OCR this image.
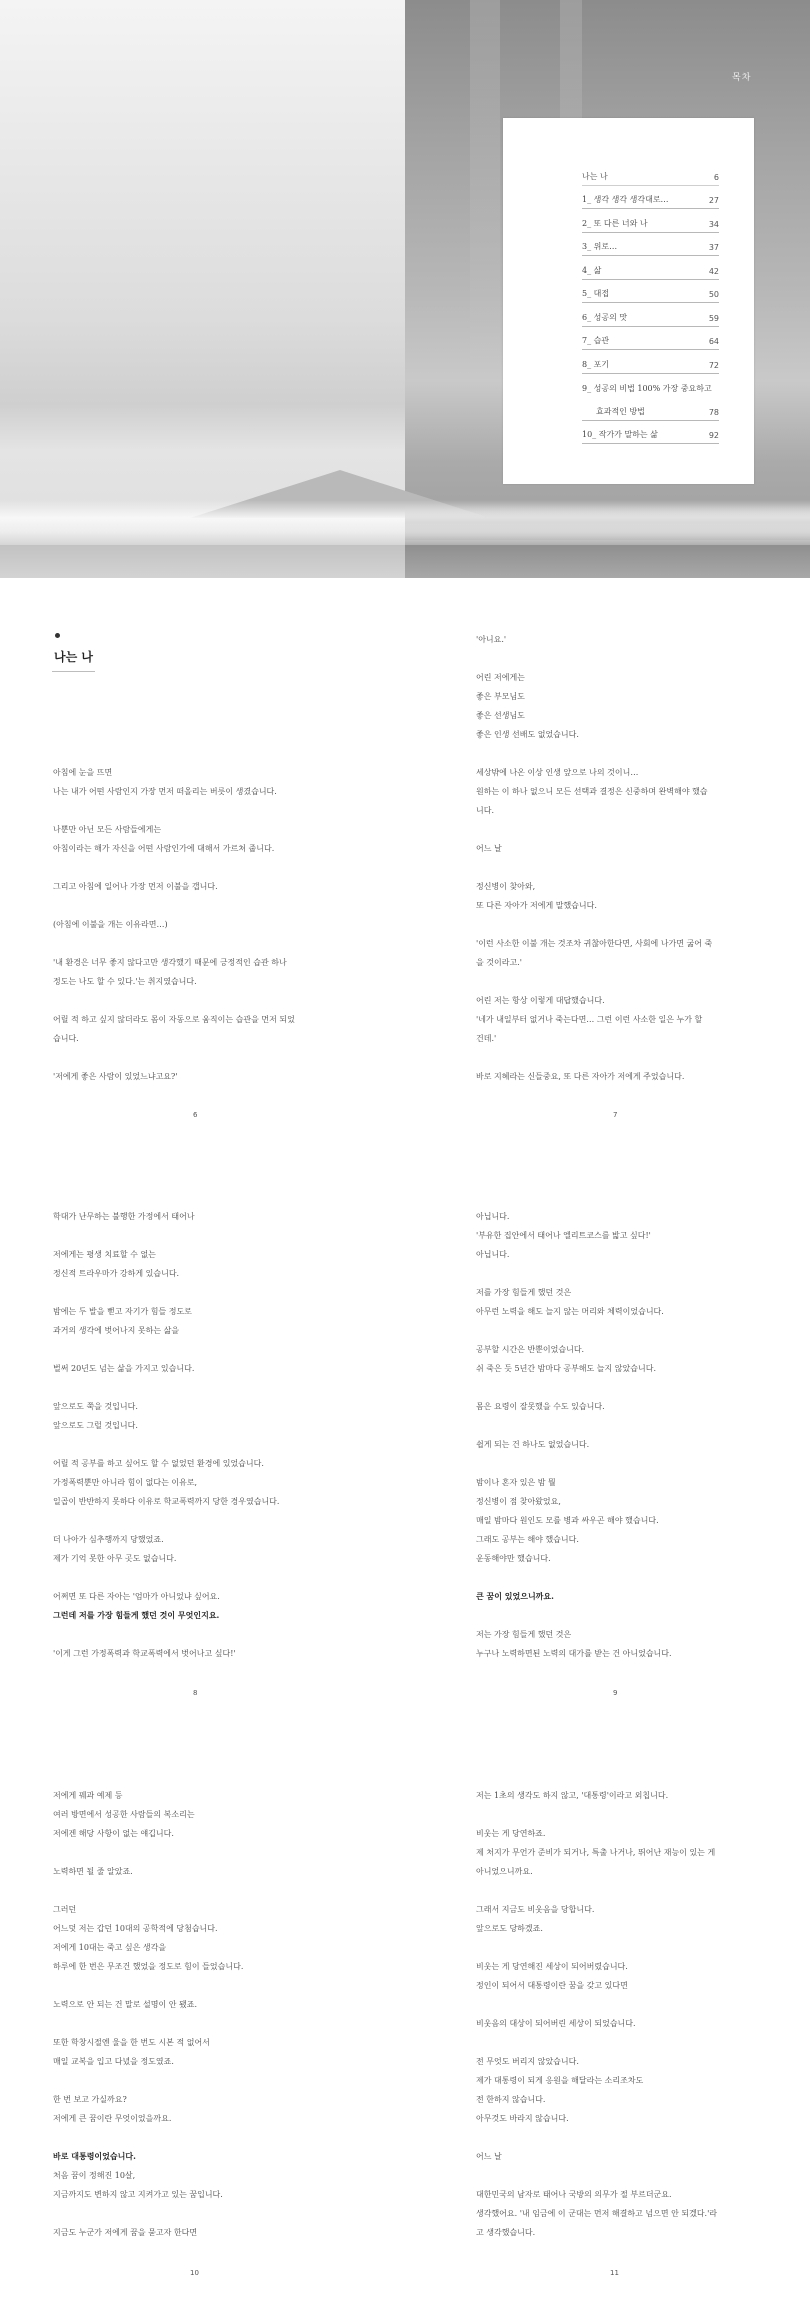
목차
나는 나	6
1_ 생각 생각 생각대로…	27
2_ 또 다른 너와 나	34
3_ 위로…	37
4_ 삶	42
5_ 대접	50
6_ 성공의 맛	59
7_ 습관	64
8_ 포기	72
9_ 성공의 비법 100% 가장 중요하고
효과적인 방법	78
10_ 작가가 말하는 삶	92
나는 나
아침에 눈을 뜨면
나는 내가 어떤 사람인지 가장 먼저 떠올리는 버릇이 생겼습니다.
나뿐만 아닌 모든 사람들에게는
아침이라는 해가 자신을 어떤 사람인가에 대해서 가르쳐 줍니다.
그리고 아침에 일어나 가장 먼저 이불을 갭니다.
(아침에 이불을 개는 이유라면…)
'내 환경은 너무 좋지 않다고만 생각했기 때문에 긍정적인 습관 하나
정도는 나도 할 수 있다.'는 취지였습니다.
어릴 적 하고 싶지 않더라도 몸이 자동으로 움직이는 습관을 먼저 되었
습니다.
'저에게 좋은 사람이 있었느냐고요?'
6
'아니요.'
어린 저에게는
좋은 부모님도
좋은 선생님도
좋은 인생 선배도 없었습니다.
세상밖에 나온 이상 인생 앞으로 나의 것이니…
원하는 이 하나 없으니 모든 선택과 결정은 신중하며 완벽해야 했습
니다.
어느 날
정신병이 찾아와,
또 다른 자아가 저에게 말했습니다.
'이런 사소한 이불 개는 것조차 귀찮아한다면, 사회에 나가면 굶어 죽
을 것이라고.'
어린 저는 항상 이렇게 대답했습니다.
'네가 내일부터 없거나 죽는다면… 그런 이런 사소한 일은 누가 할
건데.'
바로 지혜라는 신들중요, 또 다른 자아가 저에게 주었습니다.
7
학대가 난무하는 불행한 가정에서 태어나
저에게는 평생 치료할 수 없는
정신적 트라우마가 강하게 있습니다.
밤에는 두 발을 뻗고 자기가 힘들 정도로
과거의 생각에 벗어나지 못하는 삶을
벌써 20년도 넘는 삶을 가지고 있습니다.
앞으로도 쭉을 것입니다.
앞으로도 그럴 것입니다.
어릴 적 공부를 하고 싶어도 할 수 없었던 환경에 있었습니다.
가정폭력뿐만 아니라 힘이 없다는 이유로,
일곱이 반반하지 못하다 이유로 학교폭력까지 당한 경우였습니다.
더 나아가 심추행까지 당했었죠.
제가 기억 못한 아무 곳도 없습니다.
어쩌면 또 다른 자아는 '엄마가 아니었냐 싶어요.
그런데 저를 가장 힘들게 했던 것이 무엇인지요.
'이게 그런 가정폭력과 학교폭력에서 벗어나고 싶다!'
8
아닙니다.
'부유한 집안에서 태어나 엘리트코스를 밟고 싶다!'
아닙니다.
저를 가장 힘들게 했던 것은
아무런 노력을 해도 늘지 않는 머리와 체력이었습니다.
공부할 시간은 반뿐이었습니다.
쉬 죽은 듯 5년간 밤마다 공부해도 늘지 않았습니다.
몸은 요령이 잘못했을 수도 있습니다.
쉽게 되는 건 하나도 없었습니다.
밤이나 혼자 있은 밤 뭘
정신병이 점 찾아왔었요,
매일 밤마다 원인도 모를 병과 싸우곤 해야 했습니다.
그래도 공부는 해야 했습니다.
운동해야만 했습니다.
큰 꿈이 있었으니까요.
저는 가장 힘들게 했던 것은
누구나 노력하면된 노력의 대가를 받는 건 아니었습니다.
9
저에게 꿰과 예제 등
여러 방면에서 성공한 사람들의 복소리는
저에겐 해당 사항이 없는 얘깁니다.
노력하면 될 줄 알았죠.
그러던
어느덧 저는 갑던 10대의 공학적에 당첨습니다.
저에게 10대는 죽고 싶은 생각을
하루에 한 번은 무조건 했었을 정도로 힘이 들었습니다.
노력으로 안 되는 건 말로 설명이 안 됐죠.
또한 학창시절엔 울을 한 번도 시본 적 없어서
매일 교복을 입고 다녔을 정도였죠.
한 번 보고 가실까요?
저에게 큰 꿈이란 무엇이었을까요.
바로 대통령이었습니다.
처음 꿈이 정해진 10살,
지금까지도 변하지 않고 지켜가고 있는 꿈입니다.
지금도 누군가 저에게 꿈을 묻고자 한다면
10
저는 1초의 생각도 하지 않고, '대통령'이라고 외칩니다.
비웃는 게 당연하죠.
제 처지가 무언가 준비가 되거나, 특출 나거나, 뛰어난 재능이 있는 게
아니었으니까요.
그래서 지금도 비웃음을 당합니다.
앞으로도 당하겠죠.
비웃는 게 당연해진 세상이 되어버렸습니다.
정인이 되어서 대통령이란 꿈을 갖고 있다면
비웃음의 대상이 되어버린 세상이 되었습니다.
전 무엇도 버리지 않았습니다.
제가 대통령이 되게 응원을 해달라는 소리조차도
전 한하지 않습니다.
아무것도 바라지 않습니다.
어느 날
대한민국의 남자로 태어나 국방의 의무가 절 부르더군요.
생각했어요. '내 임금에 이 군대는 먼저 해결하고 넘으면 안 되겠다.'라
고 생각했습니다.
11
